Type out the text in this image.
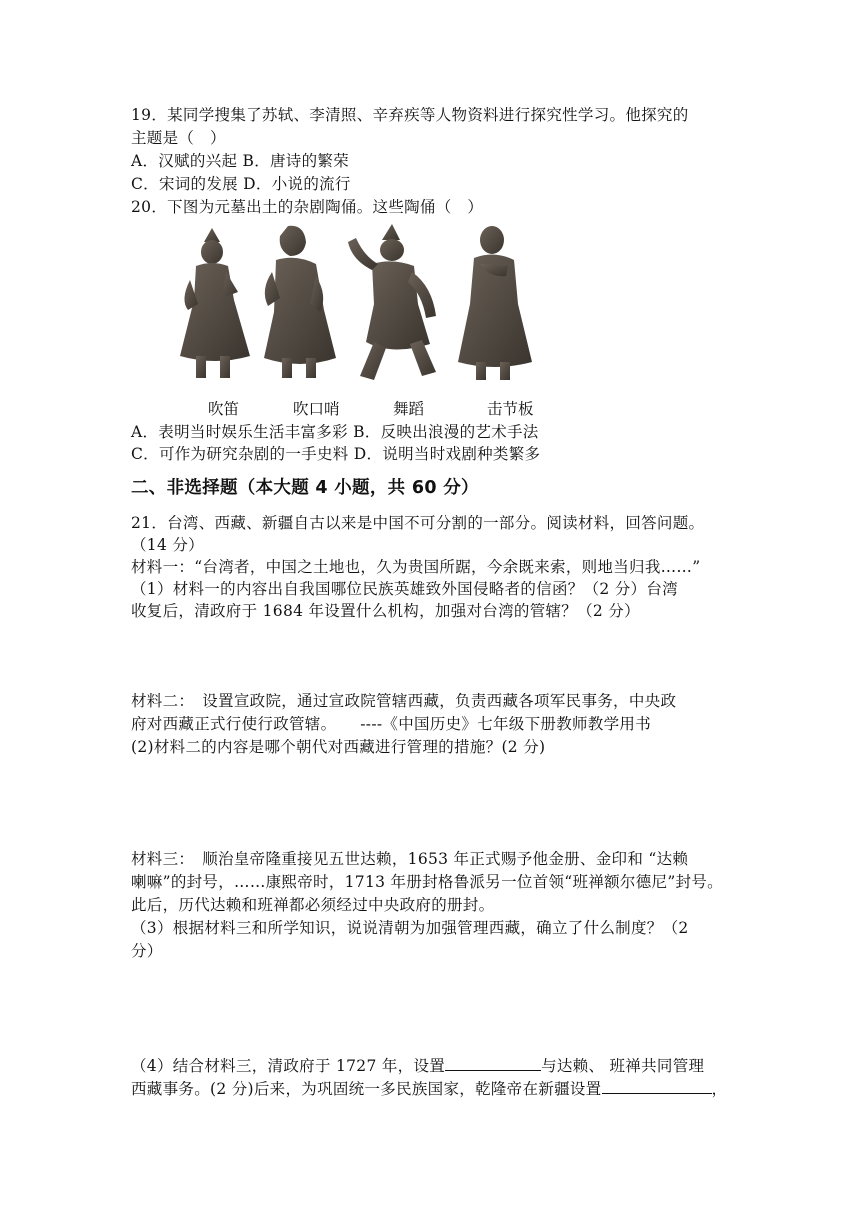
19．某同学搜集了苏轼、李清照、辛弃疾等人物资料进行探究性学习。他探究的
主题是（　）
A．汉赋的兴起 B．唐诗的繁荣
C．宋词的发展 D．小说的流行
20．下图为元墓出土的杂剧陶俑。这些陶俑（　）
吹笛	吹口哨	舞蹈	击节板
A．表明当时娱乐生活丰富多彩 B．反映出浪漫的艺术手法
C．可作为研究杂剧的一手史料 D．说明当时戏剧种类繁多
二、非选择题（本大题 4 小题，共 60 分）
21．台湾、西藏、新疆自古以来是中国不可分割的一部分。阅读材料，回答问题。
（14 分）
材料一：“台湾者，中国之土地也，久为贵国所踞，今余既来索，则地当归我……”
（1）材料一的内容出自我国哪位民族英雄致外国侵略者的信函？（2 分）台湾
收复后，清政府于 1684 年设置什么机构，加强对台湾的管辖？（2 分）
材料二：　设置宣政院，通过宣政院管辖西藏，负责西藏各项军民事务，中央政
府对西藏正式行使行政管辖。　　----《中国历史》七年级下册教师教学用书
(2)材料二的内容是哪个朝代对西藏进行管理的措施？(2 分)
材料三：　顺治皇帝隆重接见五世达赖，1653 年正式赐予他金册、金印和 “达赖
喇嘛”的封号，……康熙帝时，1713 年册封格鲁派另一位首领“班禅额尔德尼”封号。
此后，历代达赖和班禅都必须经过中央政府的册封。
（3）根据材料三和所学知识，说说清朝为加强管理西藏，确立了什么制度？（2
分）
（4）结合材料三，清政府于 1727 年，设置	与达赖、 班禅共同管理
西藏事务。(2 分)后来，为巩固统一多民族国家，乾隆帝在新疆设置	，
